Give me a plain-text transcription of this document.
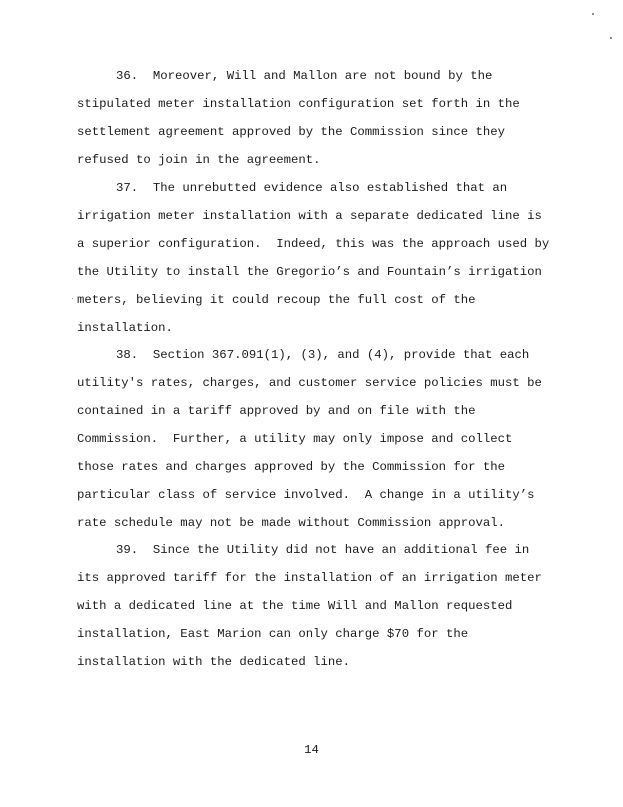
36.  Moreover, Will and Mallon are not bound by the
stipulated meter installation configuration set forth in the
settlement agreement approved by the Commission since they
refused to join in the agreement.
37.  The unrebutted evidence also established that an
irrigation meter installation with a separate dedicated line is
a superior configuration.  Indeed, this was the approach used by
the Utility to install the Gregorio’s and Fountain’s irrigation
meters, believing it could recoup the full cost of the
installation.
38.  Section 367.091(1), (3), and (4), provide that each
utility's rates, charges, and customer service policies must be
contained in a tariff approved by and on file with the
Commission.  Further, a utility may only impose and collect
those rates and charges approved by the Commission for the
particular class of service involved.  A change in a utility’s
rate schedule may not be made without Commission approval.
39.  Since the Utility did not have an additional fee in
its approved tariff for the installation of an irrigation meter
with a dedicated line at the time Will and Mallon requested
installation, East Marion can only charge $70 for the
installation with the dedicated line.
14
